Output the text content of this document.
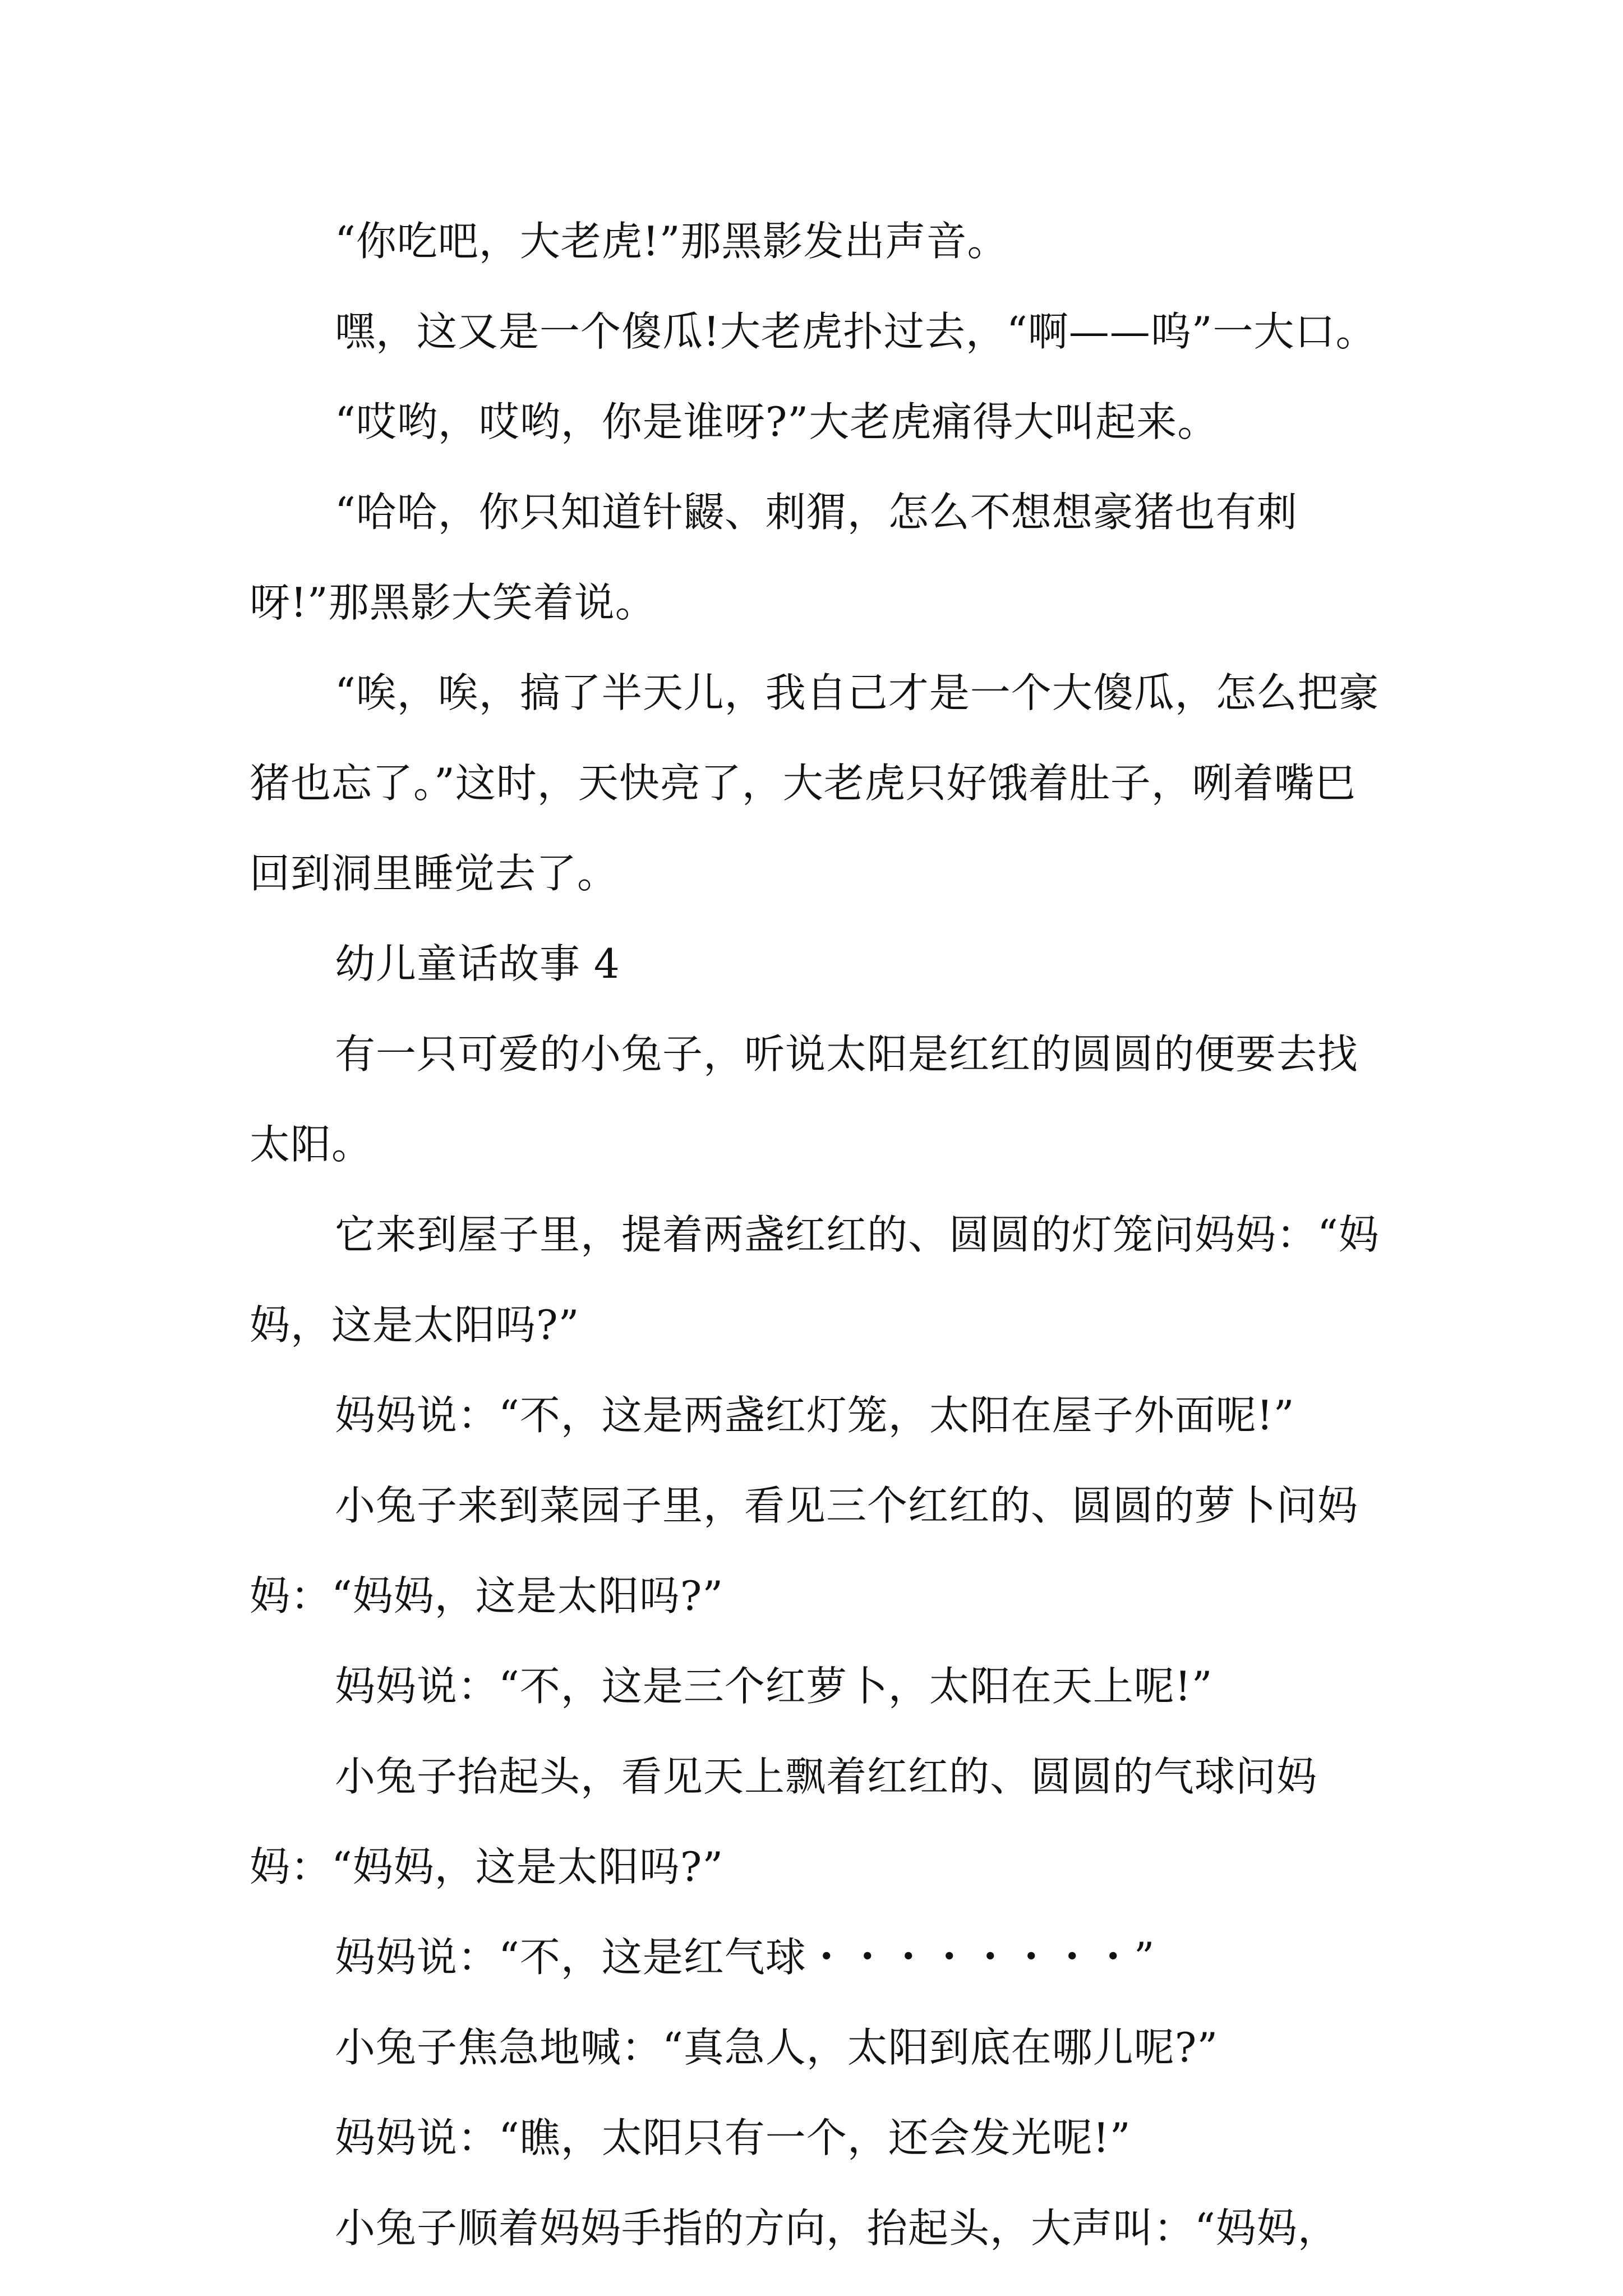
“你吃吧，大老虎!”那黑影发出声音。

嘿，这又是一个傻瓜!大老虎扑过去，“啊——呜”一大口。

“哎哟，哎哟，你是谁呀?”大老虎痛得大叫起来。

“哈哈，你只知道针鼹、刺猬，怎么不想想豪猪也有刺呀!”那黑影大笑着说。

“唉，唉，搞了半天儿，我自己才是一个大傻瓜，怎么把豪猪也忘了。”这时，天快亮了，大老虎只好饿着肚子，咧着嘴巴回到洞里睡觉去了。

幼儿童话故事 4

有一只可爱的小兔子，听说太阳是红红的圆圆的便要去找太阳。

它来到屋子里，提着两盏红红的、圆圆的灯笼问妈妈：“妈妈，这是太阳吗?”

妈妈说：“不，这是两盏红灯笼，太阳在屋子外面呢!”

小兔子来到菜园子里，看见三个红红的、圆圆的萝卜问妈妈：“妈妈，这是太阳吗?”

妈妈说：“不，这是三个红萝卜，太阳在天上呢!”

小兔子抬起头，看见天上飘着红红的、圆圆的气球问妈妈：“妈妈，这是太阳吗?”

妈妈说：“不，这是红气球・・・・・・・・”

小兔子焦急地喊：“真急人，太阳到底在哪儿呢?”

妈妈说：“瞧，太阳只有一个，还会发光呢!”

小兔子顺着妈妈手指的方向，抬起头，大声叫：“妈妈，
